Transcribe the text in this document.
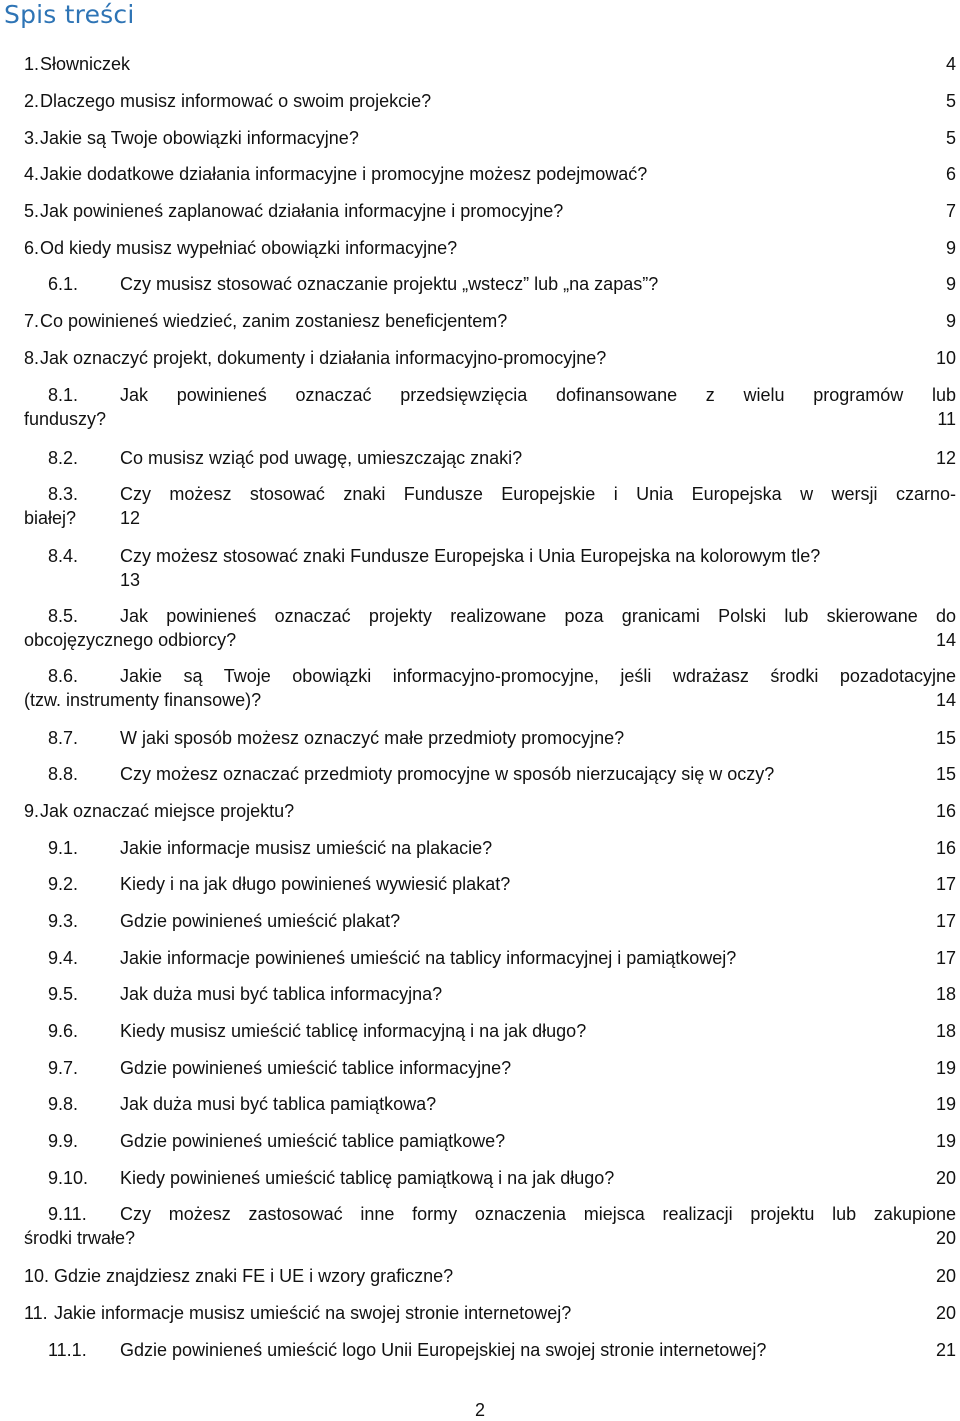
Spis treści
1. Słowniczek	4
2. Dlaczego musisz informować o swoim projekcie?	5
3. Jakie są Twoje obowiązki informacyjne?	5
4. Jakie dodatkowe działania informacyjne i promocyjne możesz podejmować?	6
5. Jak powinieneś zaplanować działania informacyjne i promocyjne?	7
6. Od kiedy musisz wypełniać obowiązki informacyjne?	9
6.1. Czy musisz stosować oznaczanie projektu „wstecz” lub „na zapas”?	9
7. Co powinieneś wiedzieć, zanim zostaniesz beneficjentem?	9
8. Jak oznaczyć projekt, dokumenty i działania informacyjno-promocyjne?	10
8.1. Jak powinieneś oznaczać przedsięwzięcia dofinansowane z wielu programów lub
funduszy?	11
8.2. Co musisz wziąć pod uwagę, umieszczając znaki?	12
8.3. Czy możesz stosować znaki Fundusze Europejskie i Unia Europejska w wersji czarno-
białej? 12
8.4. Czy możesz stosować znaki Fundusze Europejska i Unia Europejska na kolorowym tle?
13
8.5. Jak powinieneś oznaczać projekty realizowane poza granicami Polski lub skierowane do
obcojęzycznego odbiorcy?	14
8.6. Jakie są Twoje obowiązki informacyjno-promocyjne, jeśli wdrażasz środki pozadotacyjne
(tzw. instrumenty finansowe)?	14
8.7. W jaki sposób możesz oznaczyć małe przedmioty promocyjne?	15
8.8. Czy możesz oznaczać przedmioty promocyjne w sposób nierzucający się w oczy?	15
9. Jak oznaczać miejsce projektu?	16
9.1. Jakie informacje musisz umieścić na plakacie?	16
9.2. Kiedy i na jak długo powinieneś wywiesić plakat?	17
9.3. Gdzie powinieneś umieścić plakat?	17
9.4. Jakie informacje powinieneś umieścić na tablicy informacyjnej i pamiątkowej?	17
9.5. Jak duża musi być tablica informacyjna?	18
9.6. Kiedy musisz umieścić tablicę informacyjną i na jak długo?	18
9.7. Gdzie powinieneś umieścić tablice informacyjne?	19
9.8. Jak duża musi być tablica pamiątkowa?	19
9.9. Gdzie powinieneś umieścić tablice pamiątkowe?	19
9.10. Kiedy powinieneś umieścić tablicę pamiątkową i na jak długo?	20
9.11. Czy możesz zastosować inne formy oznaczenia miejsca realizacji projektu lub zakupione
środki trwałe?	20
10. Gdzie znajdziesz znaki FE i UE i wzory graficzne?	20
11. Jakie informacje musisz umieścić na swojej stronie internetowej?	20
11.1. Gdzie powinieneś umieścić logo Unii Europejskiej na swojej stronie internetowej?	21
2
